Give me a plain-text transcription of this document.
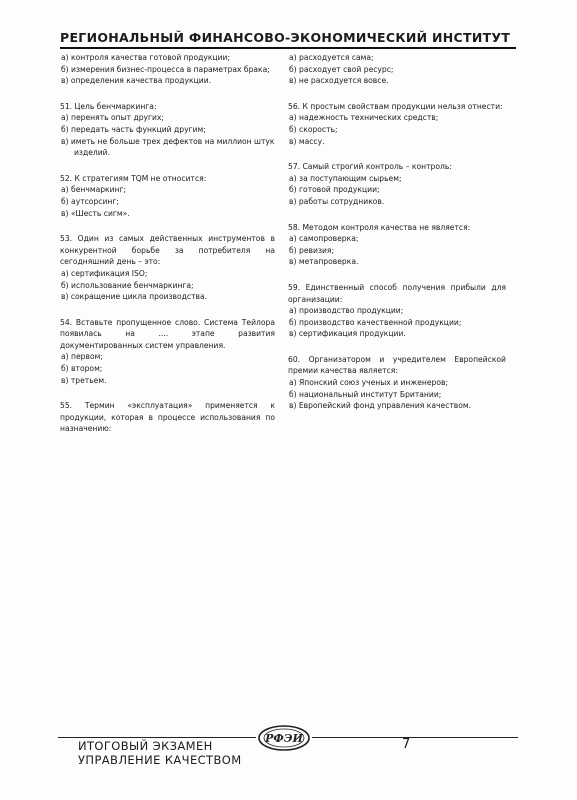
РЕГИОНАЛЬНЫЙ ФИНАНСОВО-ЭКОНОМИЧЕСКИЙ ИНСТИТУТ
а) контроля качества готовой продукции;
б) измерения бизнес-процесса в параметрах брака;
в) определения качества продукции.
51. Цель бенчмаркинга:
а) перенять опыт других;
б) передать часть функций другим;
в) иметь не больше трех дефектов на миллион штук изделий.
52. К стратегиям TQM не относится:
а) бенчмаркинг;
б) аутсорсинг;
в) «Шесть сигм».
53. Один из самых действенных инструментов в конкурентной борьбе за потребителя на сегодняшний день – это:
а) сертификация ISO;
б) использование бенчмаркинга;
в) сокращение цикла производства.
54. Вставьте пропущенное слово. Система Тейлора появилась на .... этапе развития документированных систем управления.
а) первом;
б) втором;
в) третьем.
55. Термин «эксплуатация» применяется к продукции, которая в процессе использования по назначению:
а) расходуется сама;
б) расходует свой ресурс;
в) не расходуется вовсе.
56. К простым свойствам продукции нельзя отнести:
а) надежность технических средств;
б) скорость;
в) массу.
57. Самый строгий контроль – контроль:
а) за поступающим сырьем;
б) готовой продукции;
в) работы сотрудников.
58. Методом контроля качества не является:
а) самопроверка;
б) ревизия;
в) метапроверка.
59. Единственный способ получения прибыли для организации:
а) производство продукции;
б) производство качественной продукции;
в) сертификация продукции.
60. Организатором и учредителем Европейской премии качества является:
а) Японский союз ученых и инженеров;
б) национальный институт Британии;
в) Европейский фонд управления качеством.
ИТОГОВЫЙ ЭКЗАМЕН
УПРАВЛЕНИЕ КАЧЕСТВОМ
РФЭИ	7
